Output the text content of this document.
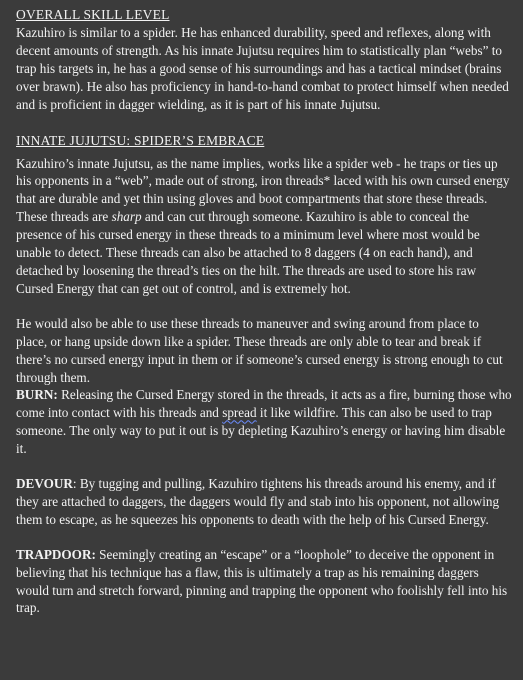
OVERALL SKILL LEVEL

Kazuhiro is similar to a spider. He has enhanced durability, speed and reflexes, along with decent amounts of strength. As his innate Jujutsu requires him to statistically plan “webs” to trap his targets in, he has a good sense of his surroundings and has a tactical mindset (brains over brawn). He also has proficiency in hand-to-hand combat to protect himself when needed and is proficient in dagger wielding, as it is part of his innate Jujutsu.

INNATE JUJUTSU: SPIDER’S EMBRACE

Kazuhiro’s innate Jujutsu, as the name implies, works like a spider web - he traps or ties up his opponents in a “web”, made out of strong, iron threads* laced with his own cursed energy that are durable and yet thin using gloves and boot compartments that store these threads. These threads are sharp and can cut through someone. Kazuhiro is able to conceal the presence of his cursed energy in these threads to a minimum level where most would be unable to detect. These threads can also be attached to 8 daggers (4 on each hand), and detached by loosening the thread’s ties on the hilt. The threads are used to store his raw Cursed Energy that can get out of control, and is extremely hot.

He would also be able to use these threads to maneuver and swing around from place to place, or hang upside down like a spider. These threads are only able to tear and break if there’s no cursed energy input in them or if someone’s cursed energy is strong enough to cut through them.

BURN: Releasing the Cursed Energy stored in the threads, it acts as a fire, burning those who come into contact with his threads and spread it like wildfire. This can also be used to trap someone. The only way to put it out is by depleting Kazuhiro’s energy or having him disable it.

DEVOUR: By tugging and pulling, Kazuhiro tightens his threads around his enemy, and if they are attached to daggers, the daggers would fly and stab into his opponent, not allowing them to escape, as he squeezes his opponents to death with the help of his Cursed Energy.

TRAPDOOR: Seemingly creating an “escape” or a “loophole” to deceive the opponent in believing that his technique has a flaw, this is ultimately a trap as his remaining daggers would turn and stretch forward, pinning and trapping the opponent who foolishly fell into his trap.
